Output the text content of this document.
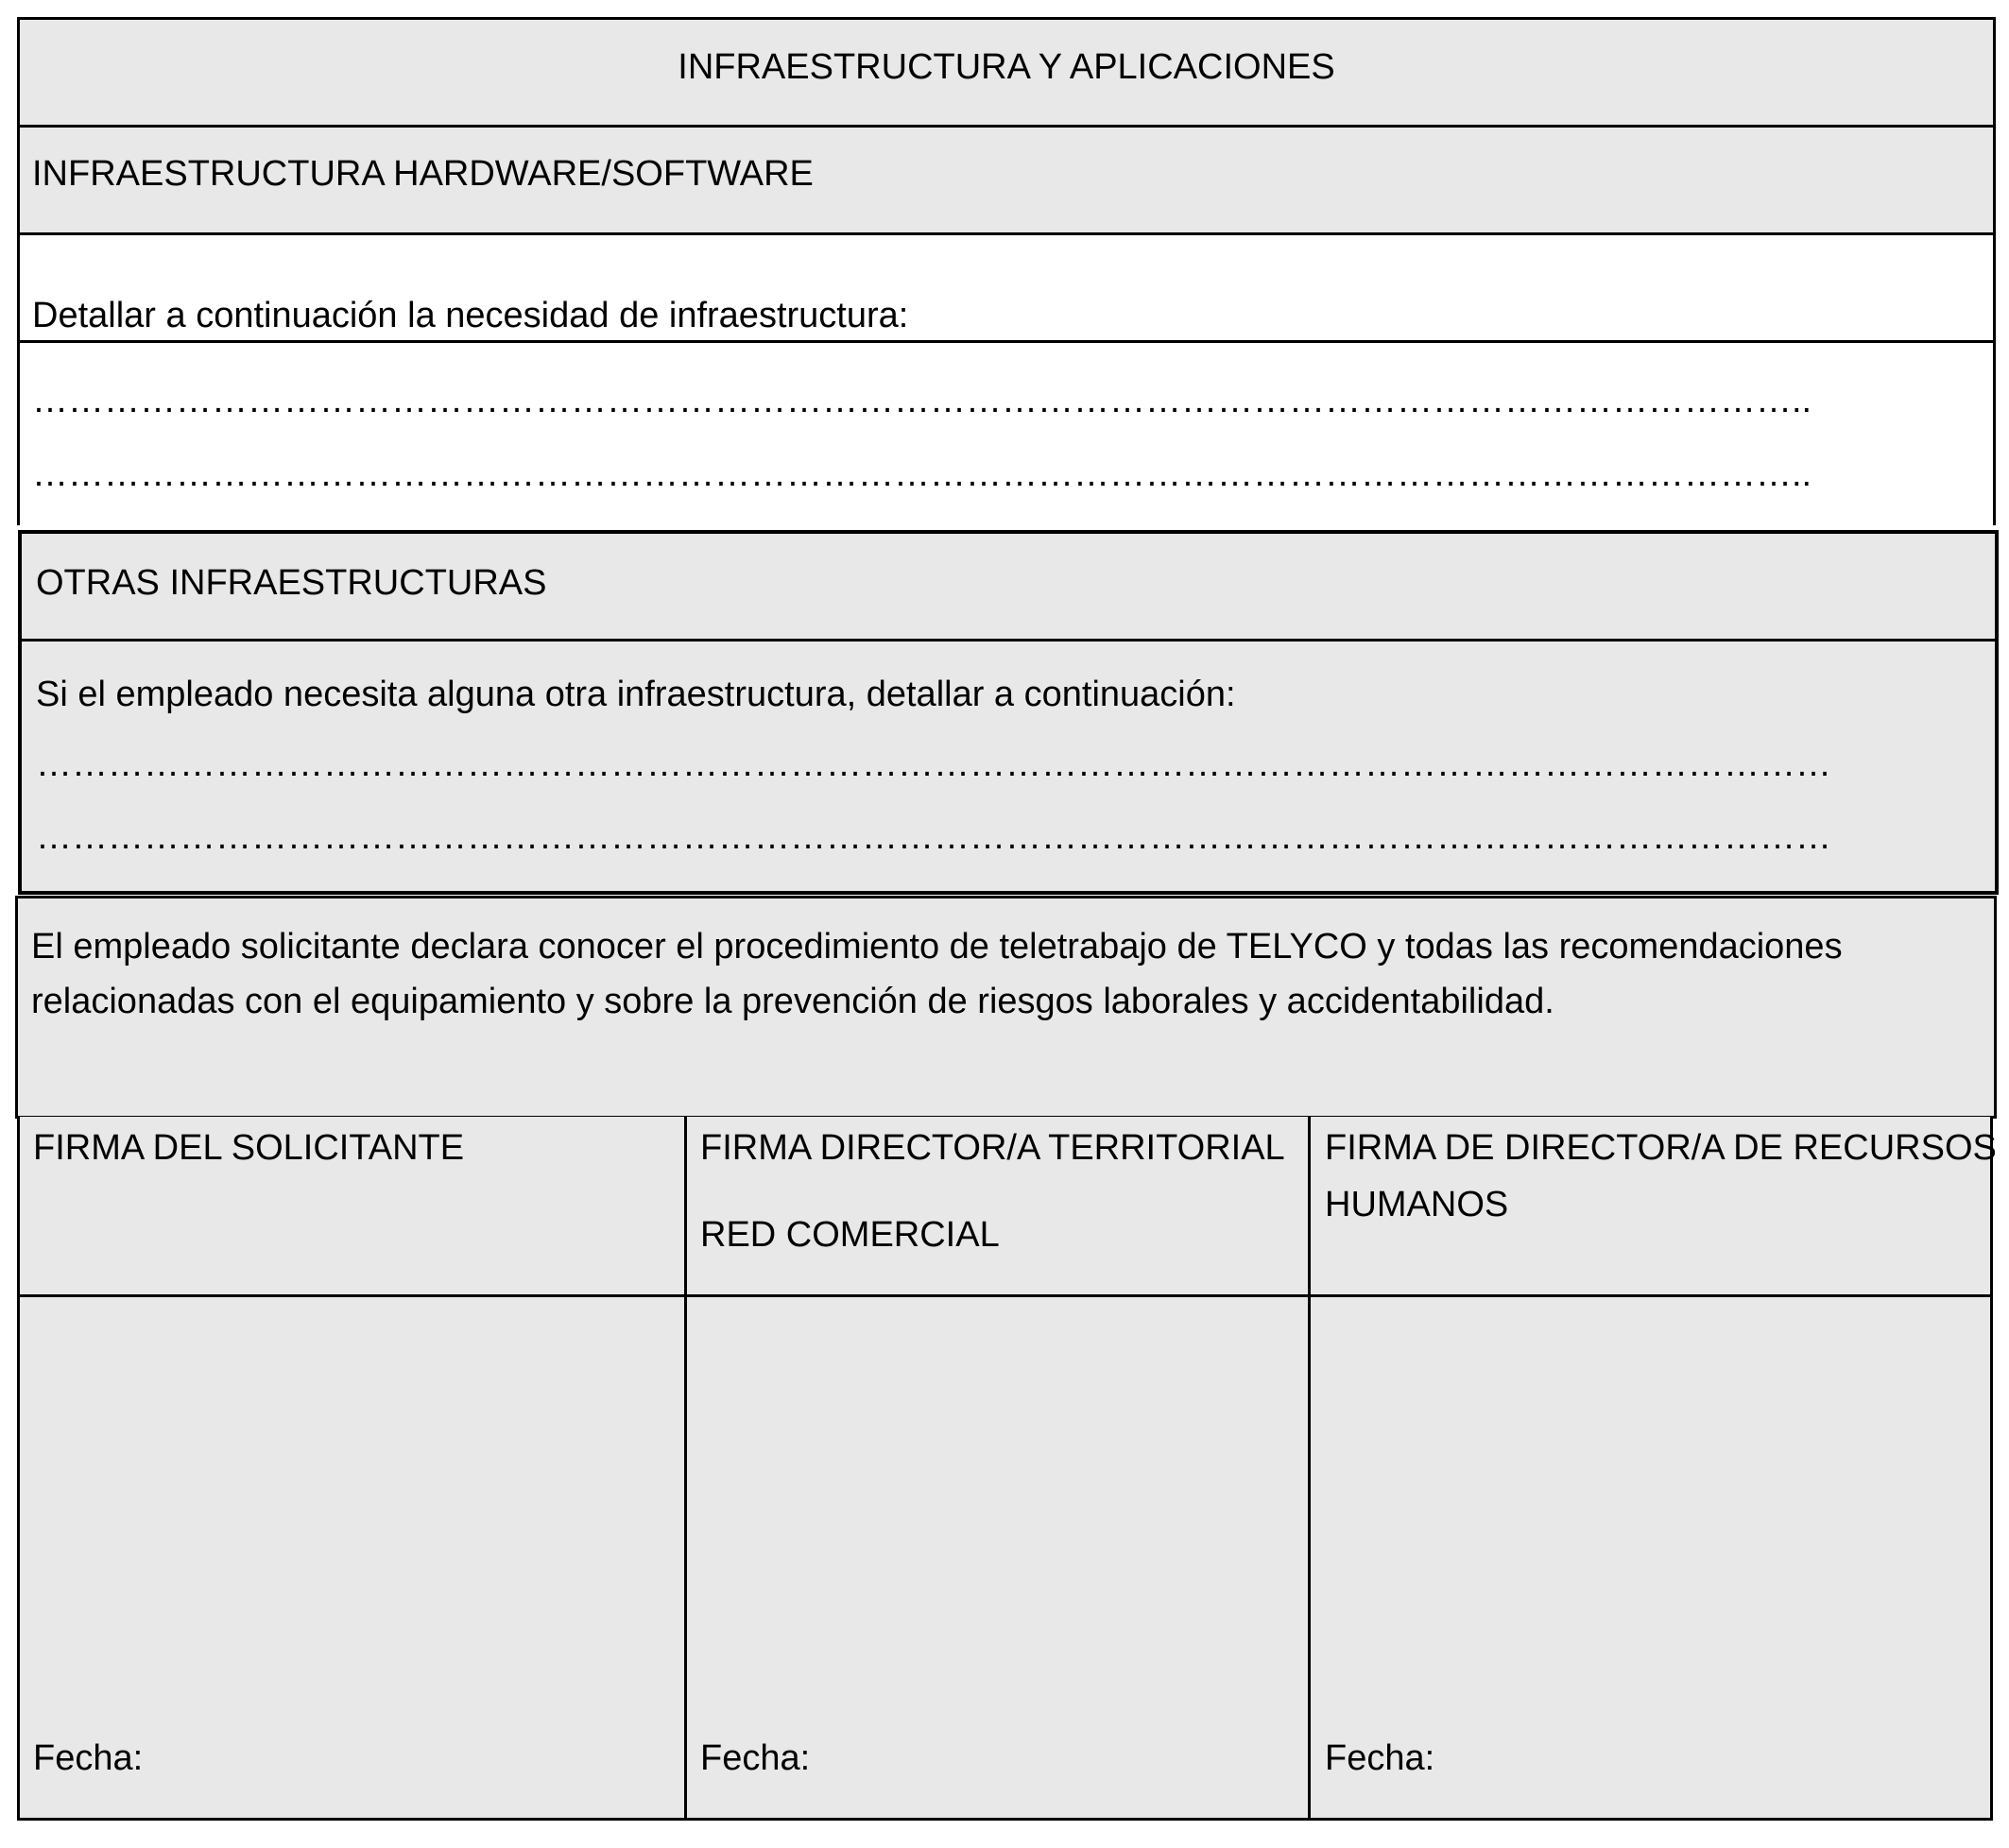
INFRAESTRUCTURA Y APLICACIONES
INFRAESTRUCTURA HARDWARE/SOFTWARE
Detallar a continuación la necesidad de infraestructura:
…………………………………………………………………………………………………………………………………..
…………………………………………………………………………………………………………………………………..
OTRAS INFRAESTRUCTURAS
Si el empleado necesita alguna otra infraestructura, detallar a continuación:
……………………………………………………………………………………………………………………………………
……………………………………………………………………………………………………………………………………
El empleado solicitante declara conocer el procedimiento de teletrabajo de TELYCO y todas las recomendaciones relacionadas con el equipamiento y sobre la prevención de riesgos laborales y accidentabilidad.
FIRMA DEL SOLICITANTE
Fecha:
FIRMA DIRECTOR/A TERRITORIAL
RED COMERCIAL
Fecha:
FIRMA DE DIRECTOR/A DE RECURSOS
HUMANOS
Fecha:
